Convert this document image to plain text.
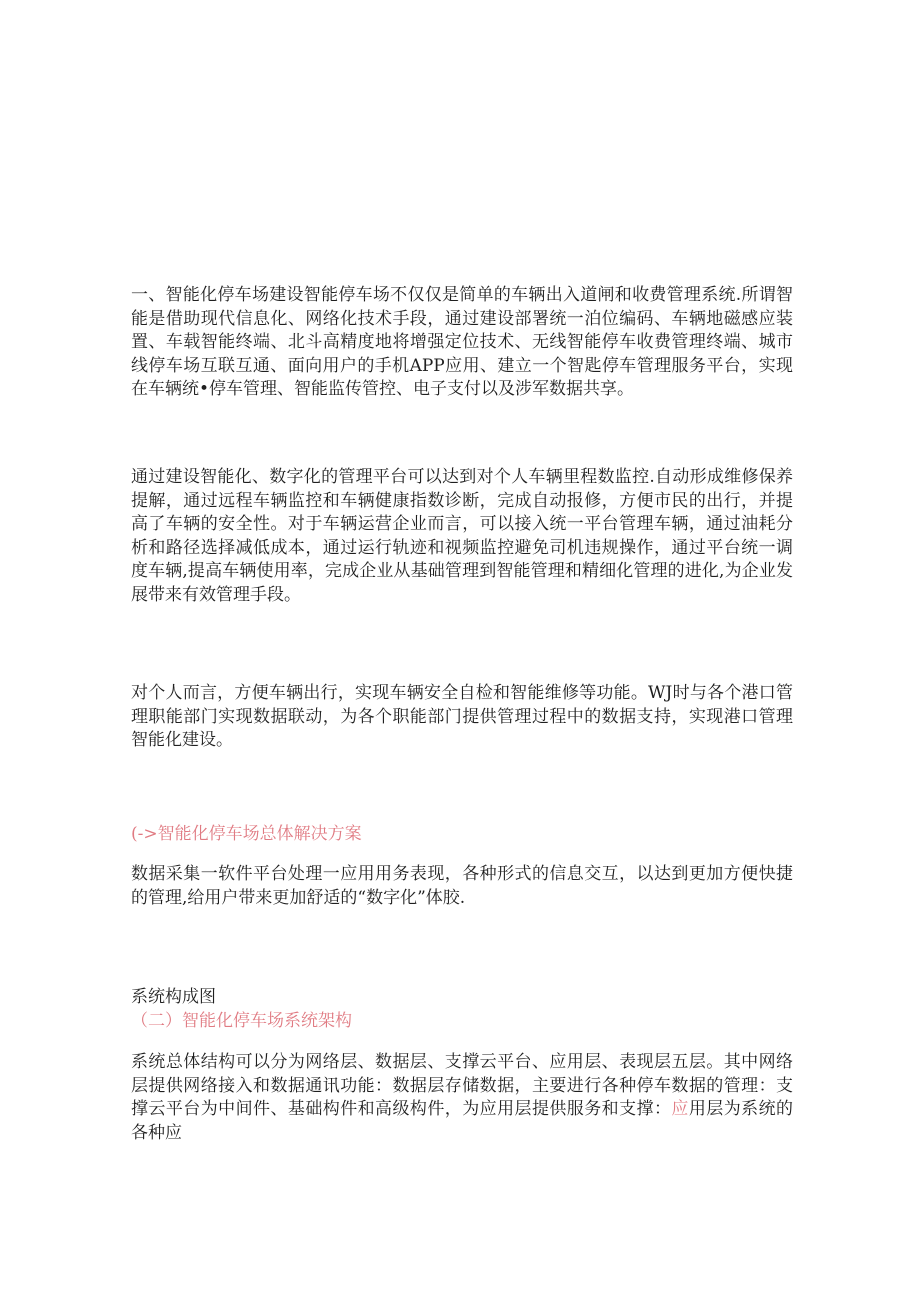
一、智能化停车场建设智能停车场不仅仅是简单的车辆出入道闸和收费管理系统.所谓智能是借助现代信息化、网络化技术手段，通过建设部署统一泊位编码、车辆地磁感应装置、车载智能终端、北斗高精度地将增强定位技术、无线智能停车收费管理终端、城市线停车场互联互通、面向用户的手机APP应用、建立一个智匙停车管理服务平台，实现在车辆统•停车管理、智能监传管控、电子支付以及涉军数据共享。
通过建设智能化、数字化的管理平台可以达到对个人车辆里程数监控.自动形成维修保养提解，通过远程车辆监控和车辆健康指数诊断，完成自动报修，方便市民的出行，并提高了车辆的安全性。对于车辆运营企业而言，可以接入统一平台管理车辆，通过油耗分析和路径选择减低成本，通过运行轨迹和视频监控避免司机违规操作，通过平台统一调度车辆,提高车辆使用率，完成企业从基础管理到智能管理和精细化管理的进化,为企业发展带来有效管理手段。
对个人而言，方便车辆出行，实现车辆安全自检和智能维修等功能。WJ时与各个港口管理职能部门实现数据联动，为各个职能部门提供管理过程中的数据支持，实现港口管理智能化建设。
(->智能化停车场总体解决方案
数据采集一软件平台处理一应用用务表现，各种形式的信息交互，以达到更加方便快捷的管理,给用户带来更加舒适的“数字化”体胶.
系统构成图
（二）智能化停车场系统架构
系统总体结构可以分为网络层、数据层、支撑云平台、应用层、表现层五层。其中网络层提供网络接入和数据通讯功能：数据层存储数据，主要进行各种停车数据的管理：支撑云平台为中间件、基础构件和高级构件，为应用层提供服务和支撑：应用层为系统的各种应
